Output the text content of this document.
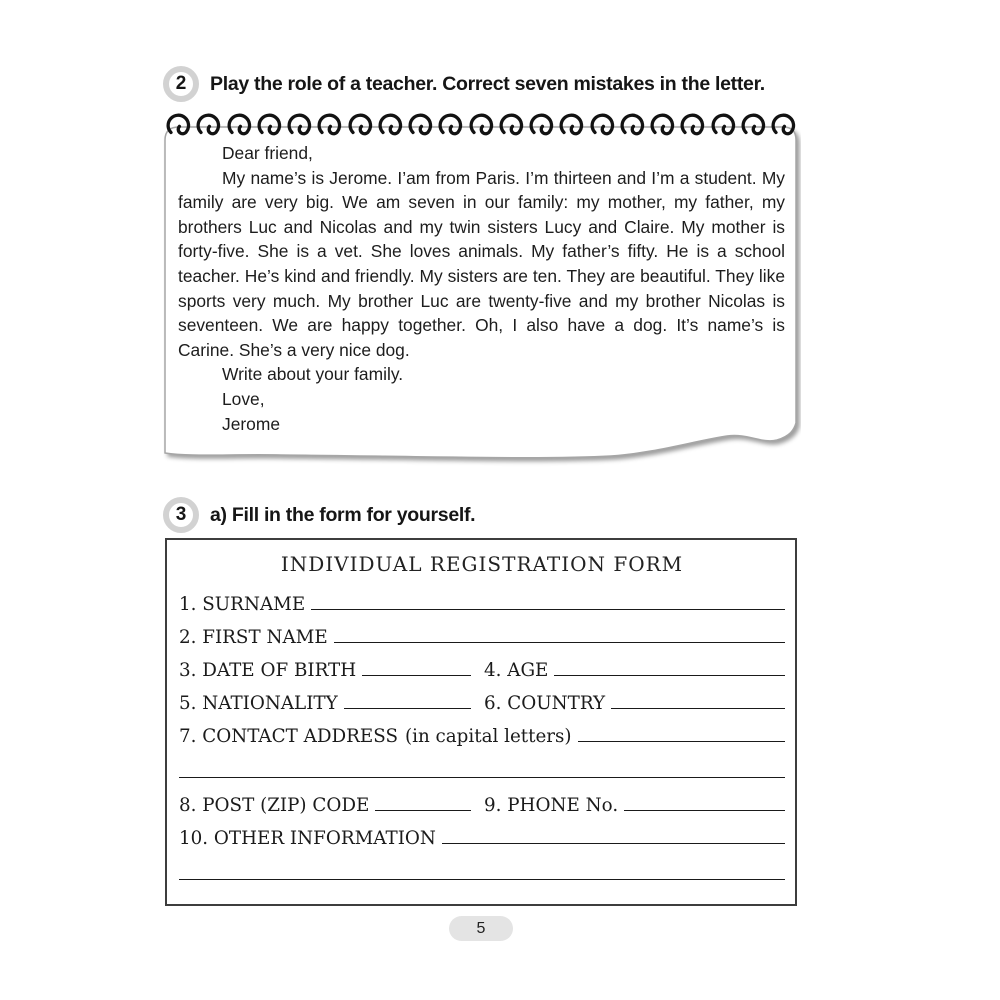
2 Play the role of a teacher. Correct seven mistakes in the letter.
Dear friend,

My name’s is Jerome. I’am from Paris. I’m thirteen and I’m a student. My family are very big. We am seven in our family: my mother, my father, my brothers Luc and Nicolas and my twin sisters Lucy and Claire. My mother is forty-five. She is a vet. She loves animals. My father’s fifty. He is a school teacher. He’s kind and friendly. My sisters are ten. They are beautiful. They like sports very much. My brother Luc are twenty-five and my brother Nicolas is seventeen. We are happy together. Oh, I also have a dog. It’s name’s is Carine. She’s a very nice dog.

Write about your family.
Love,
Jerome
3 a) Fill in the form for yourself.
INDIVIDUAL REGISTRATION FORM
1. SURNAME
2. FIRST NAME
3. DATE OF BIRTH	4. AGE
5. NATIONALITY	6. COUNTRY
7. CONTACT ADDRESS (in capital letters)
8. POST (ZIP) CODE	9. PHONE No.
10. OTHER INFORMATION
5
